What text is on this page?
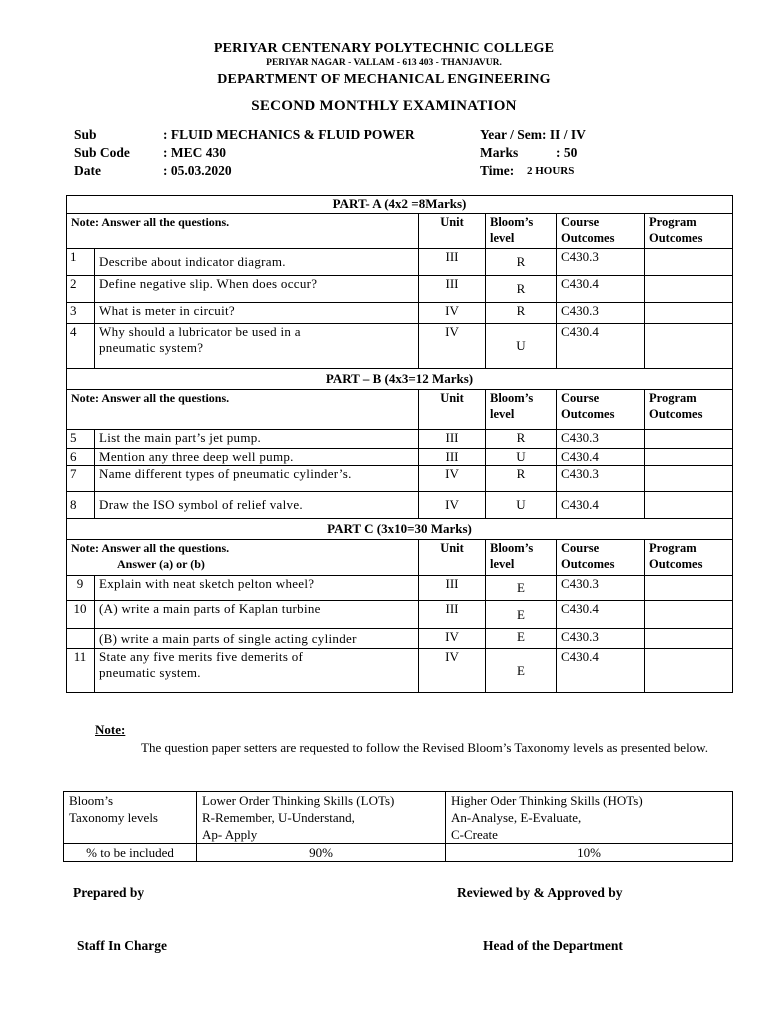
PERIYAR CENTENARY POLYTECHNIC COLLEGE
PERIYAR NAGAR - VALLAM - 613 403 - THANJAVUR.
DEPARTMENT OF MECHANICAL ENGINEERING
SECOND MONTHLY EXAMINATION
Sub	: FLUID MECHANICS & FLUID POWER
Sub Code : MEC 430
Date	: 05.03.2020
Year / Sem: II / IV
Marks	: 50
Time: 2 HOURS
PART- A (4x2 =8Marks)					
Note: Answer all the questions.		Unit	Bloom’s
level	Course
Outcomes	Program
Outcomes
1	Describe about indicator diagram.	III	R	C430.3	
2	Define negative slip. When does occur?	III	R	C430.4	
3	What is meter in circuit?	IV	R	C430.3	
4	Why should a lubricator be used in a
pneumatic system?	IV	U	C430.4	
PART – B (4x3=12 Marks)					
Note: Answer all the questions.		Unit	Bloom’s
level	Course
Outcomes	Program
Outcomes
5	List the main part’s jet pump.	III	R	C430.3	
6	Mention any three deep well pump.	III	U	C430.4	
7	Name different types of pneumatic cylinder’s.	IV	R	C430.3	
8	Draw the ISO symbol of relief valve.	IV	U	C430.4	
PART C (3x10=30 Marks)					
Note: Answer all the questions.
Answer (a) or (b)		Unit	Bloom’s
level	Course
Outcomes	Program
Outcomes
9	Explain with neat sketch pelton wheel?	III	E	C430.3	
10	(A) write a main parts of Kaplan turbine	III	E	C430.4	
	(B) write a main parts of single acting cylinder	IV	E	C430.3	
11	State any five merits five demerits of
pneumatic system.	IV	E	C430.4	
Note:
The question paper setters are requested to follow the Revised Bloom’s Taxonomy levels as presented below.
Bloom’s
Taxonomy levels	Lower Order Thinking Skills (LOTs)	Higher Oder Thinking Skills (HOTs)
	R-Remember, U-Understand,
Ap- Apply	An-Analyse, E-Evaluate,
C-Create
% to be included	90%	10%
Prepared by	Reviewed by & Approved by
Staff In Charge	Head of the Department
